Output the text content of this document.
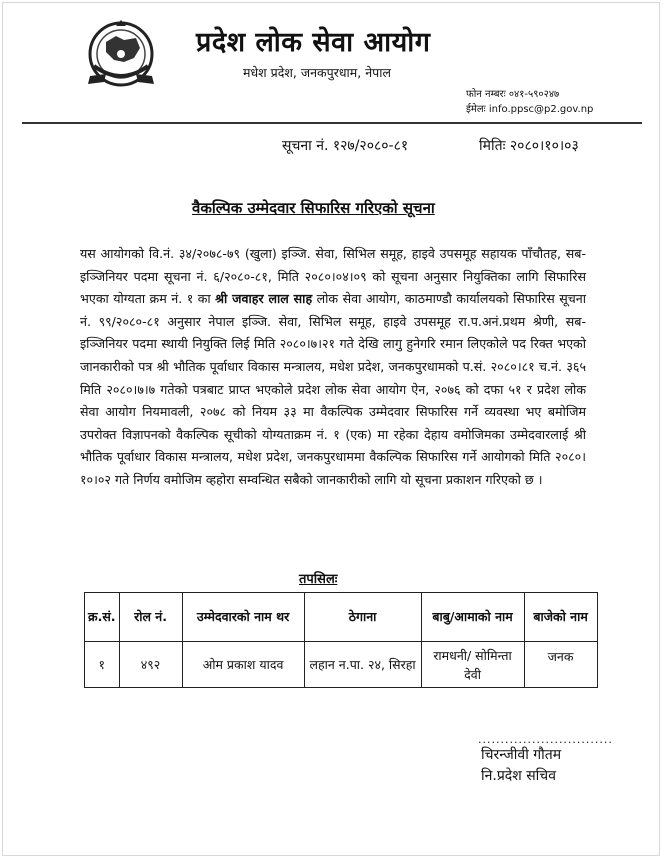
प्रदेश लोक सेवा आयोग
मधेश प्रदेश, जनकपुरधाम, नेपाल
फोन नम्बरः ०४१-५९०२४७
ईमेलः info.ppsc@p2.gov.np
सूचना नं. १२७/२०८०-८१	मितिः २०८०।१०।०३
वैकल्पिक उम्मेदवार सिफारिस गरिएको सूचना
यस आयोगको वि.नं. ३४/२०७८-७९ (खुला) इञ्जि. सेवा, सिभिल समूह, हाइवे उपसमूह सहायक पाँचौतह, सब-इञ्जिनियर पदमा सूचना नं. ६/२०८०-८१, मिति २०८०।०४।०९ को सूचना अनुसार नियुक्तिका लागि सिफारिस भएका योग्यता क्रम नं. १ का श्री जवाहर लाल साह लोक सेवा आयोग, काठमाण्डौ कार्यालयको सिफारिस सूचना नं. ९९/२०८०-८१ अनुसार नेपाल इञ्जि. सेवा, सिभिल समूह, हाइवे उपसमूह रा.प.अनं.प्रथम श्रेणी, सब-इञ्जिनियर पदमा स्थायी नियुक्ति लिई मिति २०८०।७।२१ गते देखि लागु हुनेगरि रमान लिएकोले पद रिक्त भएको जानकारीको पत्र श्री भौतिक पूर्वाधार विकास मन्त्रालय, मधेश प्रदेश, जनकपुरधामको प.सं. २०८०।८१ च.नं. ३६५ मिति २०८०।७।७ गतेको पत्रबाट प्राप्त भएकोले प्रदेश लोक सेवा आयोग ऐन, २०७६ को दफा ५१ र प्रदेश लोक सेवा आयोग नियमावली, २०७८ को नियम ३३ मा वैकल्पिक उम्मेदवार सिफारिस गर्ने व्यवस्था भए बमोजिम उपरोक्त विज्ञापनको वैकल्पिक सूचीको योग्यताक्रम नं. १ (एक) मा रहेका देहाय वमोजिमका उम्मेदवारलाई श्री भौतिक पूर्वाधार विकास मन्त्रालय, मधेश प्रदेश, जनकपुरधाममा वैकल्पिक सिफारिस गर्ने आयोगको मिति २०८०।१०।०२ गते निर्णय वमोजिम व्हहोरा सम्वन्धित सबैको जानकारीको लागि यो सूचना प्रकाशन गरिएको छ ।
तपसिलः
क्र.सं.	रोल नं.	उम्मेदवारको नाम थर	ठेगाना	बाबु/आमाको नाम	बाजेको नाम
१	४९२	ओम प्रकाश यादव	लहान न.पा. २४, सिरहा	रामधनी/ सोमिन्ता देवी	जनक
..............................
चिरन्जीवी गौतम
नि.प्रदेश सचिव
